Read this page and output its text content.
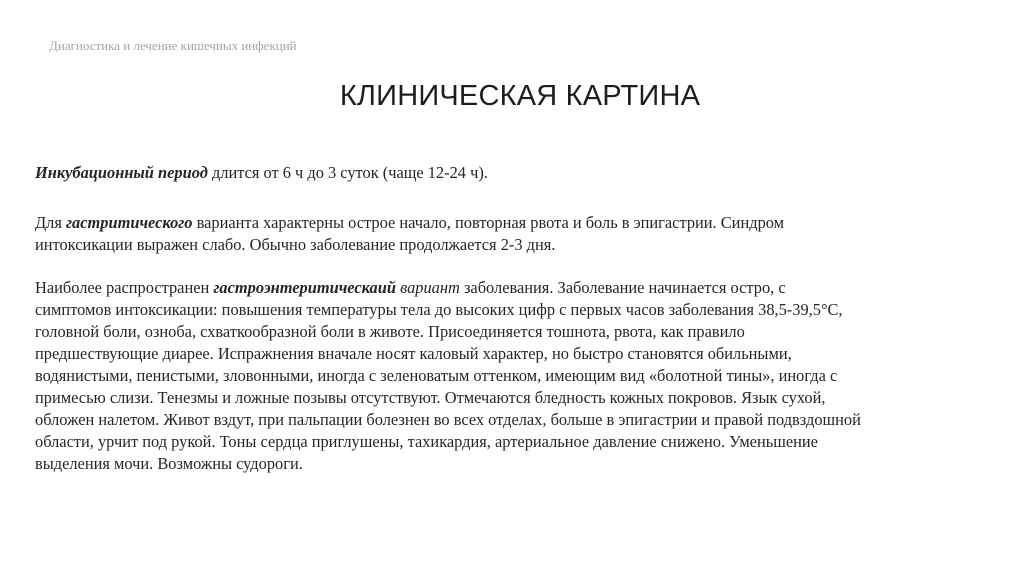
Диагностика и лечение кишечных инфекций
КЛИНИЧЕСКАЯ КАРТИНА

Инкубационный период длится от 6 ч до 3 суток (чаще 12-24 ч).

Для гастритического варианта характерны острое начало, повторная рвота и боль в эпигастрии. Синдром
интоксикации выражен слабо. Обычно заболевание продолжается 2-3 дня.

Наиболее распространен гастроэнтеритическаий вариант заболевания. Заболевание начинается остро, с
симптомов интоксикации: повышения температуры тела до высоких цифр с первых часов заболевания 38,5-39,5°С,
головной боли, озноба, схваткообразной боли в животе. Присоединяется тошнота, рвота, как правило
предшествующие диарее. Испражнения вначале носят каловый характер, но быстро становятся обильными,
водянистыми, пенистыми, зловонными, иногда с зеленоватым оттенком, имеющим вид «болотной тины», иногда с
примесью слизи. Тенезмы и ложные позывы отсутствуют. Отмечаются бледность кожных покровов. Язык сухой,
обложен налетом. Живот вздут, при пальпации болезнен во всех отделах, больше в эпигастрии и правой подвздошной
области, урчит под рукой. Тоны сердца приглушены, тахикардия, артериальное давление снижено. Уменьшение
выделения мочи. Возможны судороги.
